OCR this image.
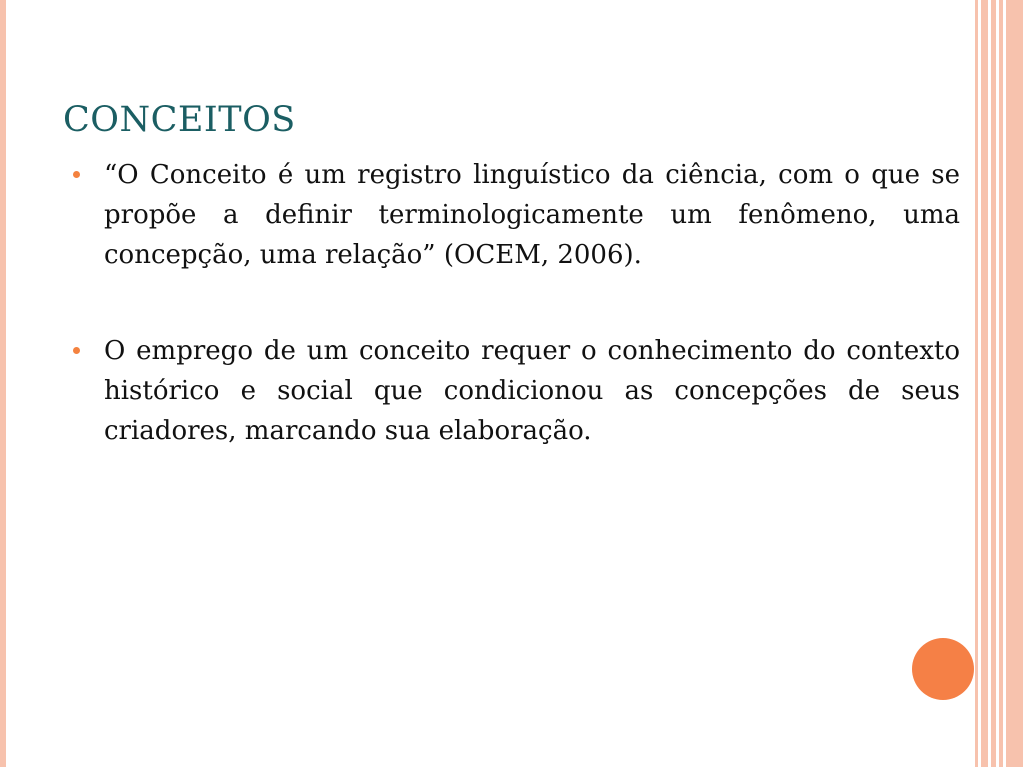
CONCEITOS
“O Conceito é um registro linguístico da ciência, com o que se propõe a definir terminologicamente um fenômeno, uma concepção, uma relação” (OCEM, 2006).
O emprego de um conceito requer o conhecimento do contexto histórico e social que condicionou as concepções de seus criadores, marcando sua elaboração.
